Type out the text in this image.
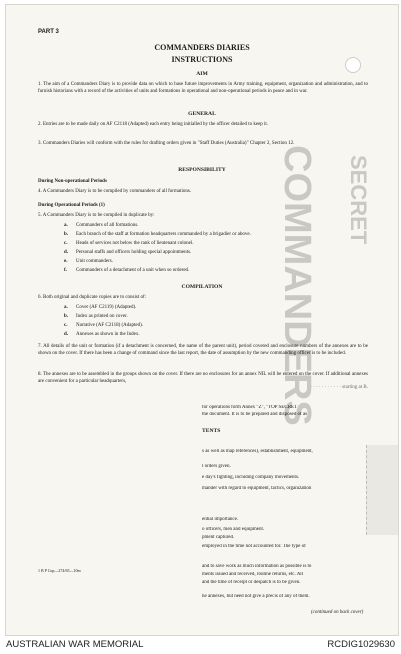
COMMANDERS SECRET
PART 3
COMMANDERS DIARIES
INSTRUCTIONS
AIM
1. The aim of a Commanders Diary is to provide data on which to base future improvements in Army training, equipment, organization and administration, and to furnish historians with a record of the activities of units and formations in operational and non-operational periods in peace and in war.
GENERAL
2. Entries are to be made daily on AF C2118 (Adapted) each entry being initialled by the officer detailed to keep it.
3. Commanders Diaries will conform with the rules for drafting orders given in "Staff Duties (Australia)" Chapter 2, Section 12.
RESPONSIBILITY
During Non-operational Periods
4. A Commanders Diary is to be compiled by commanders of all formations.
During Operational Periods (1)
5. A Commanders Diary is to be compiled in duplicate by:
a. Commanders of all formations.
b. Each branch of the staff at formation headquarters commanded by a brigadier or above.
c. Heads of services not below the rank of lieutenant colonel.
d. Personal staffs and officers holding special appointments.
e. Unit commanders.
f. Commanders of a detachment of a unit when so ordered.
COMPILATION
6. Both original and duplicate copies are to consist of:
a. Cover (AF C2119) (Adapted).
b. Index as printed on cover.
c. Narrative (AF C2118) (Adapted).
d. Annexes as shown in the Index.
7. All details of the unit or formation (if a detachment is concerned, the name of the parent unit), period covered and enclosure numbers of the annexes are to be shown on the cover. If there has been a change of command since the last report, the date of assumption by the new commanding officer is to be included.
8. The annexes are to be assembled in the groups shown on the cover. If there are no enclosures for an annex NIL will be entered on the cover. If additional annexes are convenient for a particular headquarters,
· · · · · · · · · · · starting at B.
for operations form Annex "Z", "TOP SECRET
the document. It is to be prepared and disposed of as
TENTS
s as well as map references), establishment, equipment,
l orders given.
e day's fighting, including company movements.
mander with regard to equipment, tactics, organization
ential importance.
o officers, men and equipment.
pment captured.
employed in the time not accounted for. The type of
and to save work as much information as possible is to
ments issued and received, routine returns, etc. All
and the time of receipt or despatch is to be given.
he annexes, but need not give a precis of any of them.
1 B P Cop—274/65—10m
(continued on back cover)
AUSTRALIAN WAR MEMORIAL	RCDIG1029630
